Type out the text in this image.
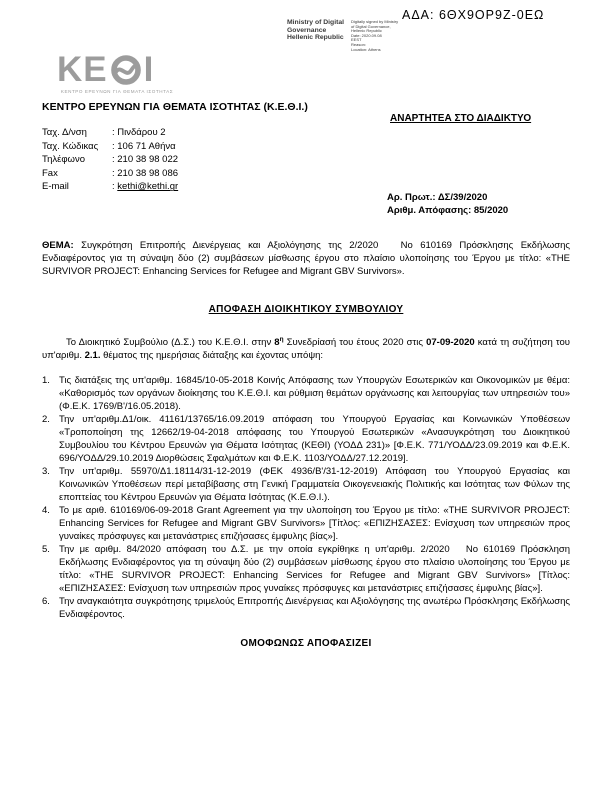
ΑΔΑ: 6ΘΧ9ΟΡ9Ζ-0ΕΩ
Ministry of Digital
Governance
Hellenic Republic
Digitally signed by Ministry
of Digital Governance,
Hellenic Republic
Date: 2020.09.08
EEST
Reason:
Location: Athens
ΚΕ Ι
ΚΕΝΤΡΟ ΕΡΕΥΝΩΝ ΓΙΑ ΘΕΜΑΤΑ ΙΣΟΤΗΤΑΣ
ΚΕΝΤΡΟ ΕΡΕΥΝΩΝ ΓΙΑ ΘΕΜΑΤΑ ΙΣΟΤΗΤΑΣ (Κ.Ε.Θ.Ι.)
ΑΝΑΡΤΗΤΕΑ ΣΤΟ ΔΙΑΔΙΚΤΥΟ
Ταχ. Δ/νση	: Πινδάρου 2
Ταχ. Κώδικας	: 106 71 Αθήνα
Τηλέφωνο	: 210 38 98 022
Fax	: 210 38 98 086
E-mail	: kethi@kethi.gr
Αρ. Πρωτ.: ΔΣ/39/2020
Αριθμ. Απόφασης: 85/2020
ΘΕΜΑ: Συγκρότηση Επιτροπής Διενέργειας και Αξιολόγησης της 2/2020   Νο 610169 Πρόσκλησης Εκδήλωσης Ενδιαφέροντος για τη σύναψη δύο (2) συμβάσεων μίσθωσης έργου στο πλαίσιο υλοποίησης του Έργου με τίτλο: «THE SURVIVOR PROJECT: Enhancing Services for Refugee and Migrant GBV Survivors».
ΑΠΟΦΑΣΗ ΔΙΟΙΚΗΤΙΚΟΥ ΣΥΜΒΟΥΛΙΟΥ
Το Διοικητικό Συμβούλιο (Δ.Σ.) του Κ.Ε.Θ.Ι. στην $8^\eta$ Συνεδρίασή του έτους 2020 στις 07-09-2020 κατά τη συζήτηση του υπ'αριθμ. 2.1. θέματος της ημερήσιας διάταξης και έχοντας υπόψη:
1. Τις διατάξεις της υπ'αριθμ. 16845/10-05-2018 Κοινής Απόφασης των Υπουργών Εσωτερικών και Οικονομικών με θέμα: «Καθορισμός των οργάνων διοίκησης του Κ.Ε.Θ.Ι. και ρύθμιση θεμάτων οργάνωσης και λειτουργίας των υπηρεσιών του» (Φ.Ε.Κ. 1769/Β'/16.05.2018).
2. Την υπ'αριθμ.Δ1/οικ. 41161/13765/16.09.2019 απόφαση του Υπουργού Εργασίας και Κοινωνικών Υποθέσεων «Τροποποίηση της 12662/19-04-2018 απόφασης του Υπουργού Εσωτερικών «Ανασυγκρότηση του Διοικητικού Συμβουλίου του Κέντρου Ερευνών για Θέματα Ισότητας (ΚΕΘΙ) (ΥΟΔΔ 231)» [Φ.Ε.Κ. 771/ΥΟΔΔ/23.09.2019 και Φ.Ε.Κ. 696/ΥΟΔΔ/29.10.2019 Διορθώσεις Σφαλμάτων και Φ.Ε.Κ. 1103/ΥΟΔΔ/27.12.2019].
3. Την υπ'αριθμ. 55970/Δ1.18114/31-12-2019 (ΦΕΚ 4936/Β'/31-12-2019) Απόφαση του Υπουργού Εργασίας και Κοινωνικών Υποθέσεων περί μεταβίβασης στη Γενική Γραμματεία Οικογενειακής Πολιτικής και Ισότητας των Φύλων της εποπτείας του Κέντρου Ερευνών για Θέματα Ισότητας (Κ.Ε.Θ.Ι.).
4. Το με αριθ. 610169/06-09-2018 Grant Agreement για την υλοποίηση του Έργου με τίτλο: «THE SURVIVOR PROJECT: Enhancing Services for Refugee and Migrant GBV Survivors» [Τίτλος: «ΕΠΙΖΗΣΑΣΕΣ: Ενίσχυση των υπηρεσιών προς γυναίκες πρόσφυγες και μετανάστριες επιζήσασες έμφυλης βίας»].
5. Την με αριθμ. 84/2020 απόφαση του Δ.Σ. με την οποία εγκρίθηκε η υπ'αριθμ. 2/2020   Νο 610169 Πρόσκληση Εκδήλωσης Ενδιαφέροντος για τη σύναψη δύο (2) συμβάσεων μίσθωσης έργου στο πλαίσιο υλοποίησης του Έργου με τίτλο: «THE SURVIVOR PROJECT: Enhancing Services for Refugee and Migrant GBV Survivors» [Τίτλος: «ΕΠΙΖΗΣΑΣΕΣ: Ενίσχυση των υπηρεσιών προς γυναίκες πρόσφυγες και μετανάστριες επιζήσασες έμφυλης βίας»].
6. Την αναγκαιότητα συγκρότησης τριμελούς Επιτροπής Διενέργειας και Αξιολόγησης της ανωτέρω Πρόσκλησης Εκδήλωσης Ενδιαφέροντος.
ΟΜΟΦΩΝΩΣ ΑΠΟΦΑΣΙΖΕΙ
